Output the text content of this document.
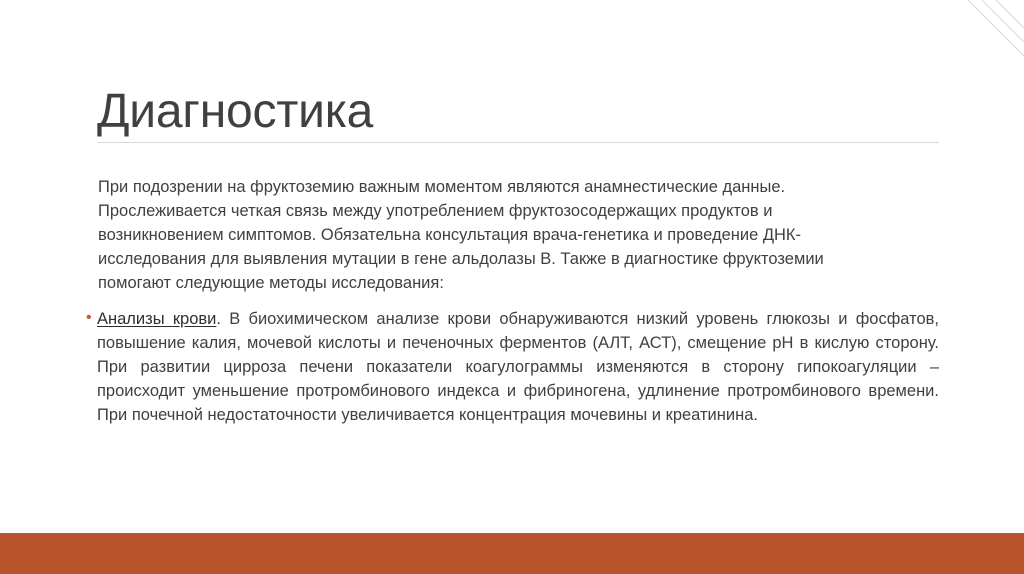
Диагностика

При подозрении на фруктоземию важным моментом являются анамнестические данные. Прослеживается четкая связь между употреблением фруктозосодержащих продуктов и возникновением симптомов. Обязательна консультация врача-генетика и проведение ДНК-исследования для выявления мутации в гене альдолазы В. Также в диагностике фруктоземии помогают следующие методы исследования:

• Анализы крови. В биохимическом анализе крови обнаруживаются низкий уровень глюкозы и фосфатов, повышение калия, мочевой кислоты и печеночных ферментов (АЛТ, АСТ), смещение рН в кислую сторону. При развитии цирроза печени показатели коагулограммы изменяются в сторону гипокоагуляции – происходит уменьшение протромбинового индекса и фибриногена, удлинение протромбинового времени. При почечной недостаточности увеличивается концентрация мочевины и креатинина.
